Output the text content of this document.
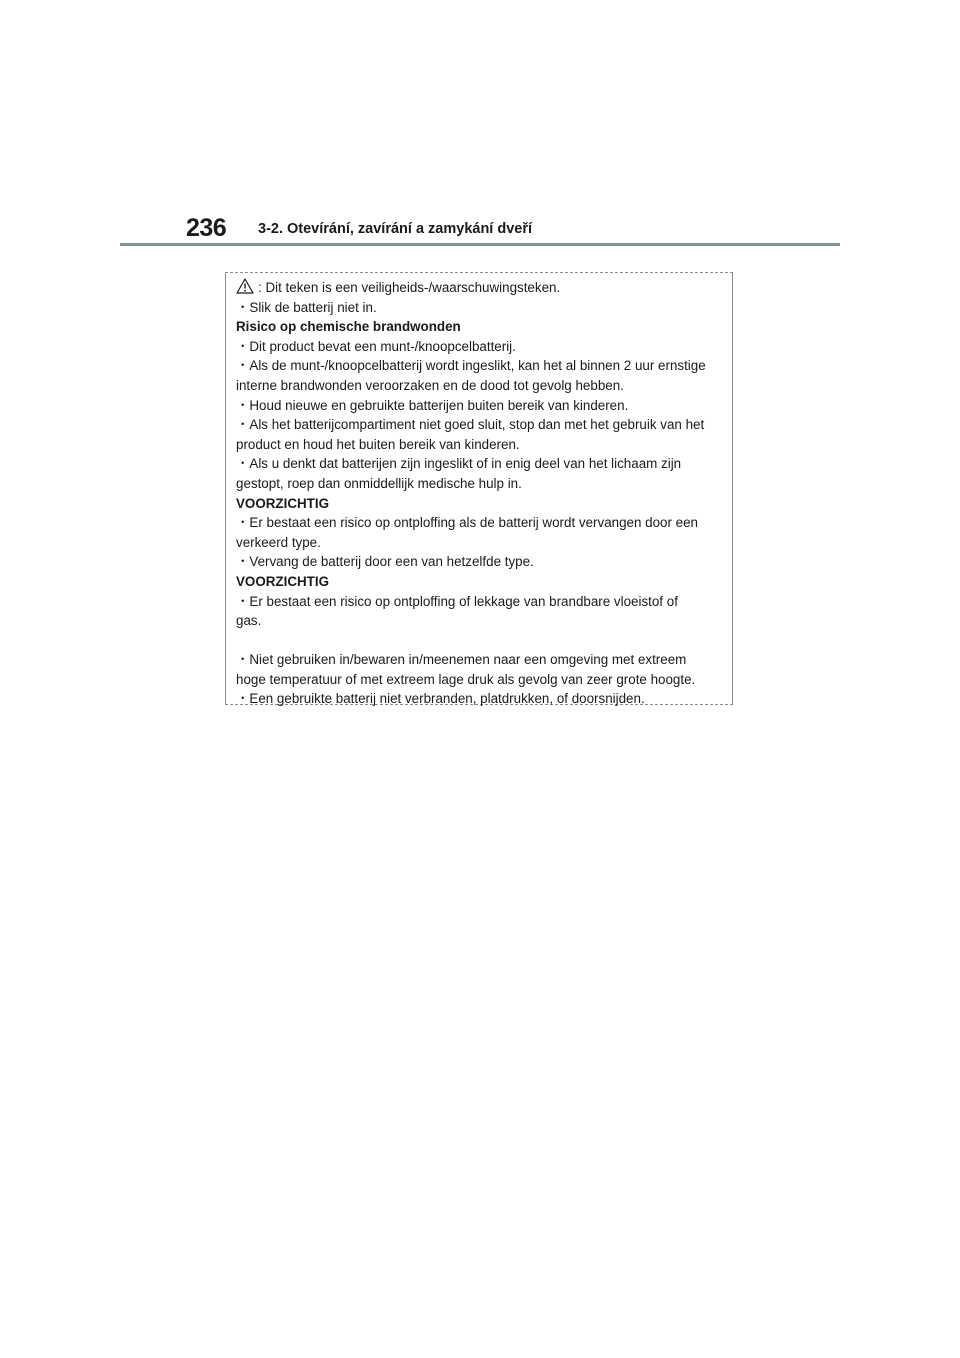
236 3-2. Otevírání, zavírání a zamykání dveří
: Dit teken is een veiligheids-/waarschuwingsteken.
・Slik de batterij niet in.
Risico op chemische brandwonden
・Dit product bevat een munt-/knoopcelbatterij.
・Als de munt-/knoopcelbatterij wordt ingeslikt, kan het al binnen 2 uur ernstige
interne brandwonden veroorzaken en de dood tot gevolg hebben.
・Houd nieuwe en gebruikte batterijen buiten bereik van kinderen.
・Als het batterijcompartiment niet goed sluit, stop dan met het gebruik van het
product en houd het buiten bereik van kinderen.
・Als u denkt dat batterijen zijn ingeslikt of in enig deel van het lichaam zijn
gestopt, roep dan onmiddellijk medische hulp in.
VOORZICHTIG
・Er bestaat een risico op ontploffing als de batterij wordt vervangen door een
verkeerd type.
・Vervang de batterij door een van hetzelfde type.
VOORZICHTIG
・Er bestaat een risico op ontploffing of lekkage van brandbare vloeistof of
gas.
・Niet gebruiken in/bewaren in/meenemen naar een omgeving met extreem
hoge temperatuur of met extreem lage druk als gevolg van zeer grote hoogte.
・Een gebruikte batterij niet verbranden, platdrukken, of doorsnijden.
